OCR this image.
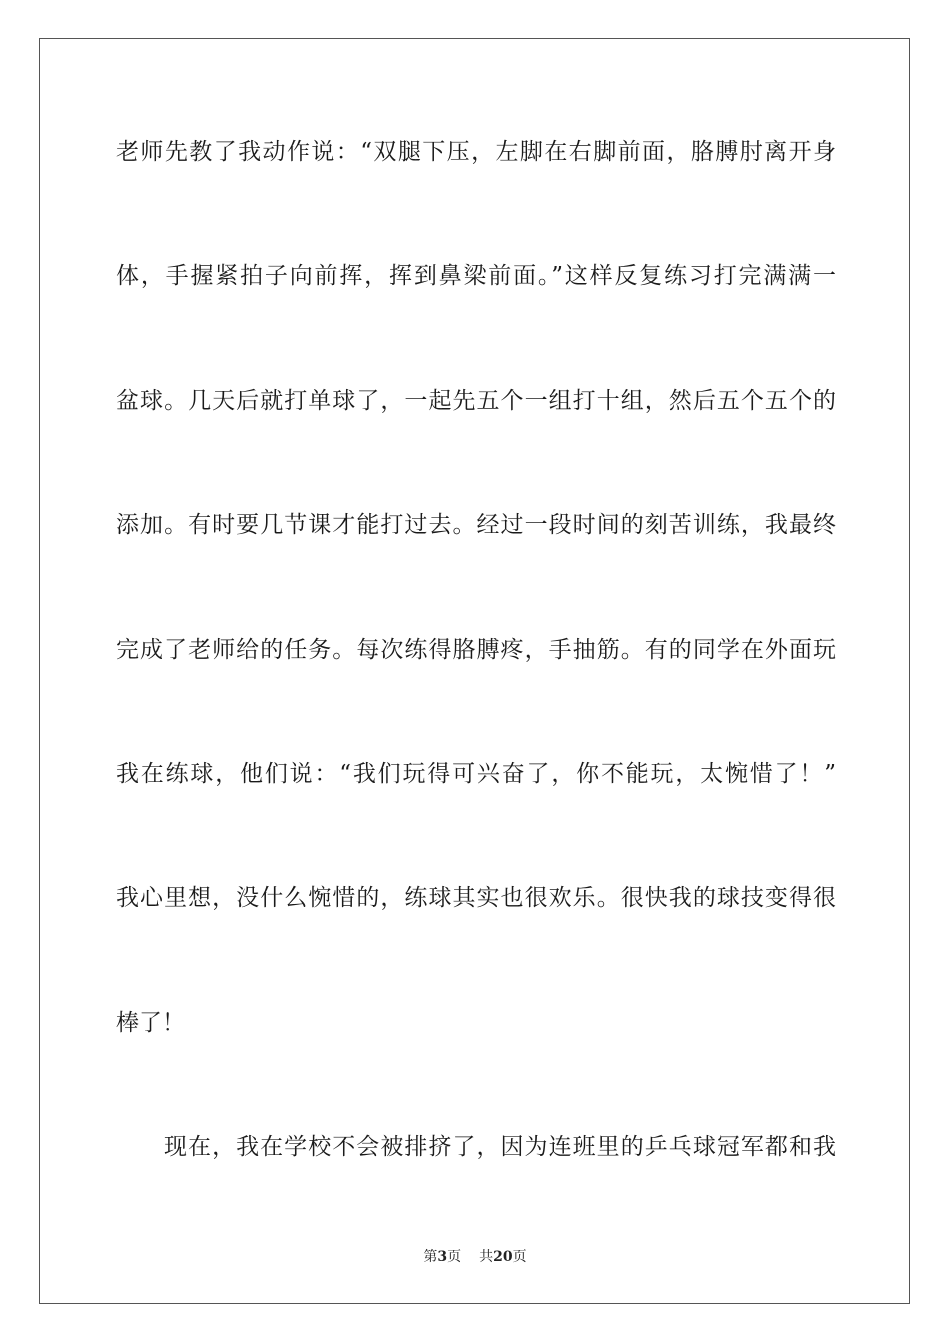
老师先教了我动作说：“双腿下压，左脚在右脚前面，胳膊肘离开身
体，手握紧拍子向前挥，挥到鼻梁前面。”这样反复练习打完满满一
盆球。几天后就打单球了，一起先五个一组打十组，然后五个五个的
添加。有时要几节课才能打过去。经过一段时间的刻苦训练，我最终
完成了老师给的任务。每次练得胳膊疼，手抽筋。有的同学在外面玩
我在练球，他们说：“我们玩得可兴奋了，你不能玩，太惋惜了！”
我心里想，没什么惋惜的，练球其实也很欢乐。很快我的球技变得很
棒了！
现在，我在学校不会被排挤了，因为连班里的乒乓球冠军都和我
第3页 共20页
